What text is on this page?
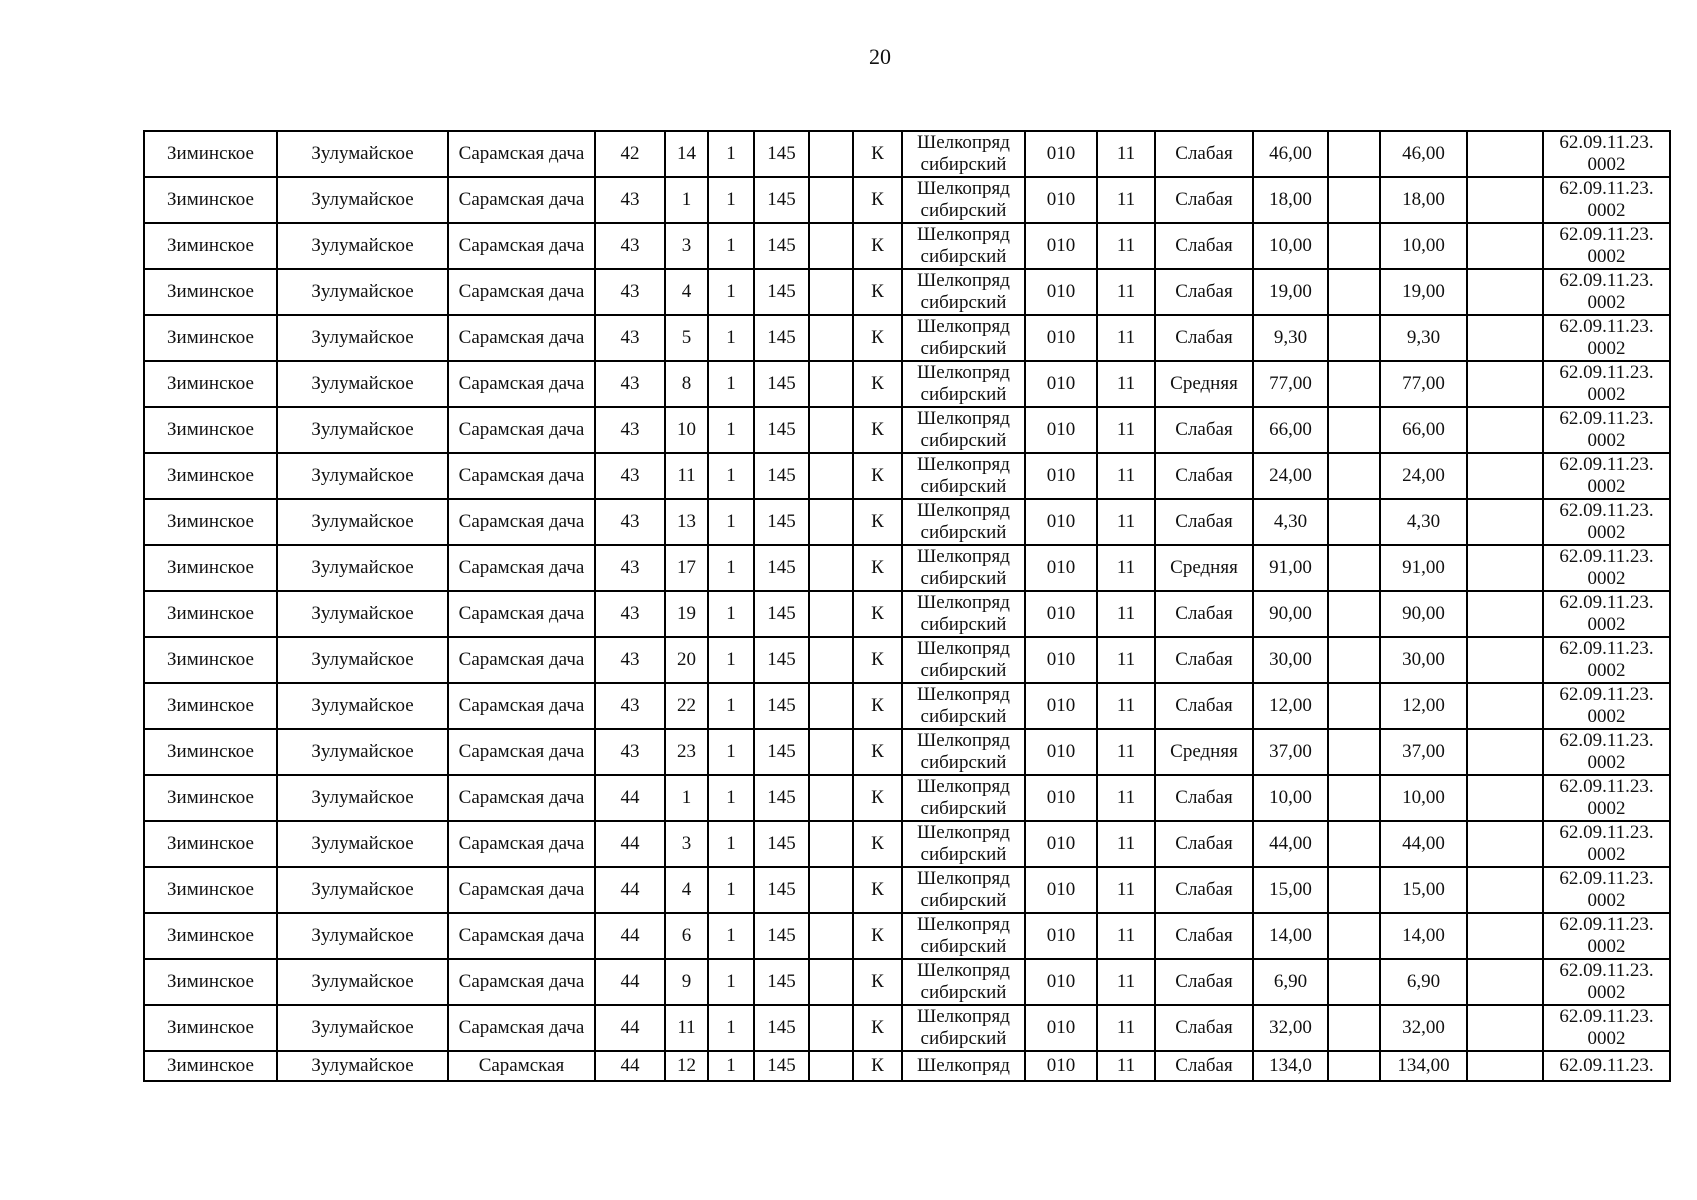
20
Зиминское	Зулумайское	Сарамская дача	42	14	1	145		К	Шелкопряд сибирский	010	11	Слабая	46,00		46,00		62.09.11.23. 0002
Зиминское	Зулумайское	Сарамская дача	43	1	1	145		К	Шелкопряд сибирский	010	11	Слабая	18,00		18,00		62.09.11.23. 0002
Зиминское	Зулумайское	Сарамская дача	43	3	1	145		К	Шелкопряд сибирский	010	11	Слабая	10,00		10,00		62.09.11.23. 0002
Зиминское	Зулумайское	Сарамская дача	43	4	1	145		К	Шелкопряд сибирский	010	11	Слабая	19,00		19,00		62.09.11.23. 0002
Зиминское	Зулумайское	Сарамская дача	43	5	1	145		К	Шелкопряд сибирский	010	11	Слабая	9,30		9,30		62.09.11.23. 0002
Зиминское	Зулумайское	Сарамская дача	43	8	1	145		К	Шелкопряд сибирский	010	11	Средняя	77,00		77,00		62.09.11.23. 0002
Зиминское	Зулумайское	Сарамская дача	43	10	1	145		К	Шелкопряд сибирский	010	11	Слабая	66,00		66,00		62.09.11.23. 0002
Зиминское	Зулумайское	Сарамская дача	43	11	1	145		К	Шелкопряд сибирский	010	11	Слабая	24,00		24,00		62.09.11.23. 0002
Зиминское	Зулумайское	Сарамская дача	43	13	1	145		К	Шелкопряд сибирский	010	11	Слабая	4,30		4,30		62.09.11.23. 0002
Зиминское	Зулумайское	Сарамская дача	43	17	1	145		К	Шелкопряд сибирский	010	11	Средняя	91,00		91,00		62.09.11.23. 0002
Зиминское	Зулумайское	Сарамская дача	43	19	1	145		К	Шелкопряд сибирский	010	11	Слабая	90,00		90,00		62.09.11.23. 0002
Зиминское	Зулумайское	Сарамская дача	43	20	1	145		К	Шелкопряд сибирский	010	11	Слабая	30,00		30,00		62.09.11.23. 0002
Зиминское	Зулумайское	Сарамская дача	43	22	1	145		К	Шелкопряд сибирский	010	11	Слабая	12,00		12,00		62.09.11.23. 0002
Зиминское	Зулумайское	Сарамская дача	43	23	1	145		К	Шелкопряд сибирский	010	11	Средняя	37,00		37,00		62.09.11.23. 0002
Зиминское	Зулумайское	Сарамская дача	44	1	1	145		К	Шелкопряд сибирский	010	11	Слабая	10,00		10,00		62.09.11.23. 0002
Зиминское	Зулумайское	Сарамская дача	44	3	1	145		К	Шелкопряд сибирский	010	11	Слабая	44,00		44,00		62.09.11.23. 0002
Зиминское	Зулумайское	Сарамская дача	44	4	1	145		К	Шелкопряд сибирский	010	11	Слабая	15,00		15,00		62.09.11.23. 0002
Зиминское	Зулумайское	Сарамская дача	44	6	1	145		К	Шелкопряд сибирский	010	11	Слабая	14,00		14,00		62.09.11.23. 0002
Зиминское	Зулумайское	Сарамская дача	44	9	1	145		К	Шелкопряд сибирский	010	11	Слабая	6,90		6,90		62.09.11.23. 0002
Зиминское	Зулумайское	Сарамская дача	44	11	1	145		К	Шелкопряд сибирский	010	11	Слабая	32,00		32,00		62.09.11.23. 0002
Зиминское	Зулумайское	Сарамская	44	12	1	145		К	Шелкопряд	010	11	Слабая	134,0		134,00		62.09.11.23.
